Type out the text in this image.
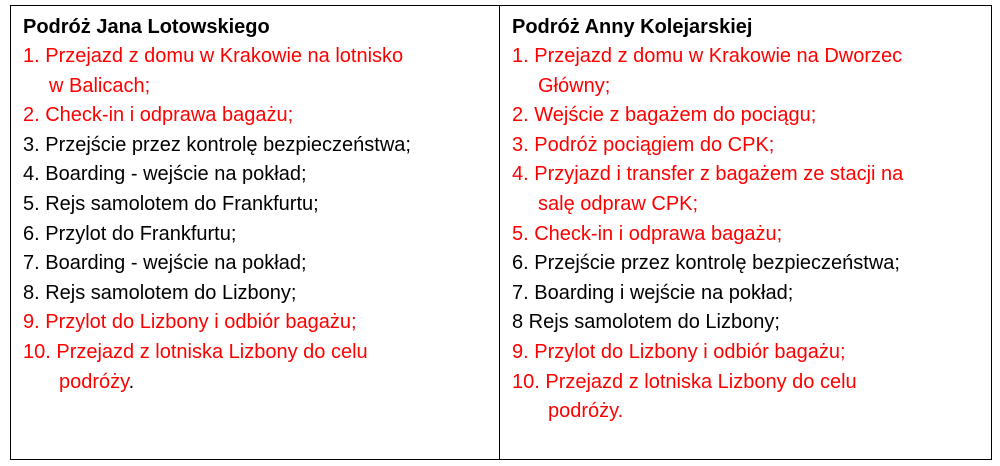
Podróż Jana Lotowskiego
1. Przejazd z domu w Krakowie na lotnisko
w Balicach;
2. Check-in i odprawa bagażu;
3. Przejście przez kontrolę bezpieczeństwa;
4. Boarding - wejście na pokład;
5. Rejs samolotem do Frankfurtu;
6. Przylot do Frankfurtu;
7. Boarding - wejście na pokład;
8. Rejs samolotem do Lizbony;
9. Przylot do Lizbony i odbiór bagażu;
10. Przejazd z lotniska Lizbony do celu
podróży.
Podróż Anny Kolejarskiej
1. Przejazd z domu w Krakowie na Dworzec
Główny;
2. Wejście z bagażem do pociągu;
3. Podróż pociągiem do CPK;
4. Przyjazd i transfer z bagażem ze stacji na
salę odpraw CPK;
5. Check-in i odprawa bagażu;
6. Przejście przez kontrolę bezpieczeństwa;
7. Boarding i wejście na pokład;
8 Rejs samolotem do Lizbony;
9. Przylot do Lizbony i odbiór bagażu;
10. Przejazd z lotniska Lizbony do celu
podróży.
